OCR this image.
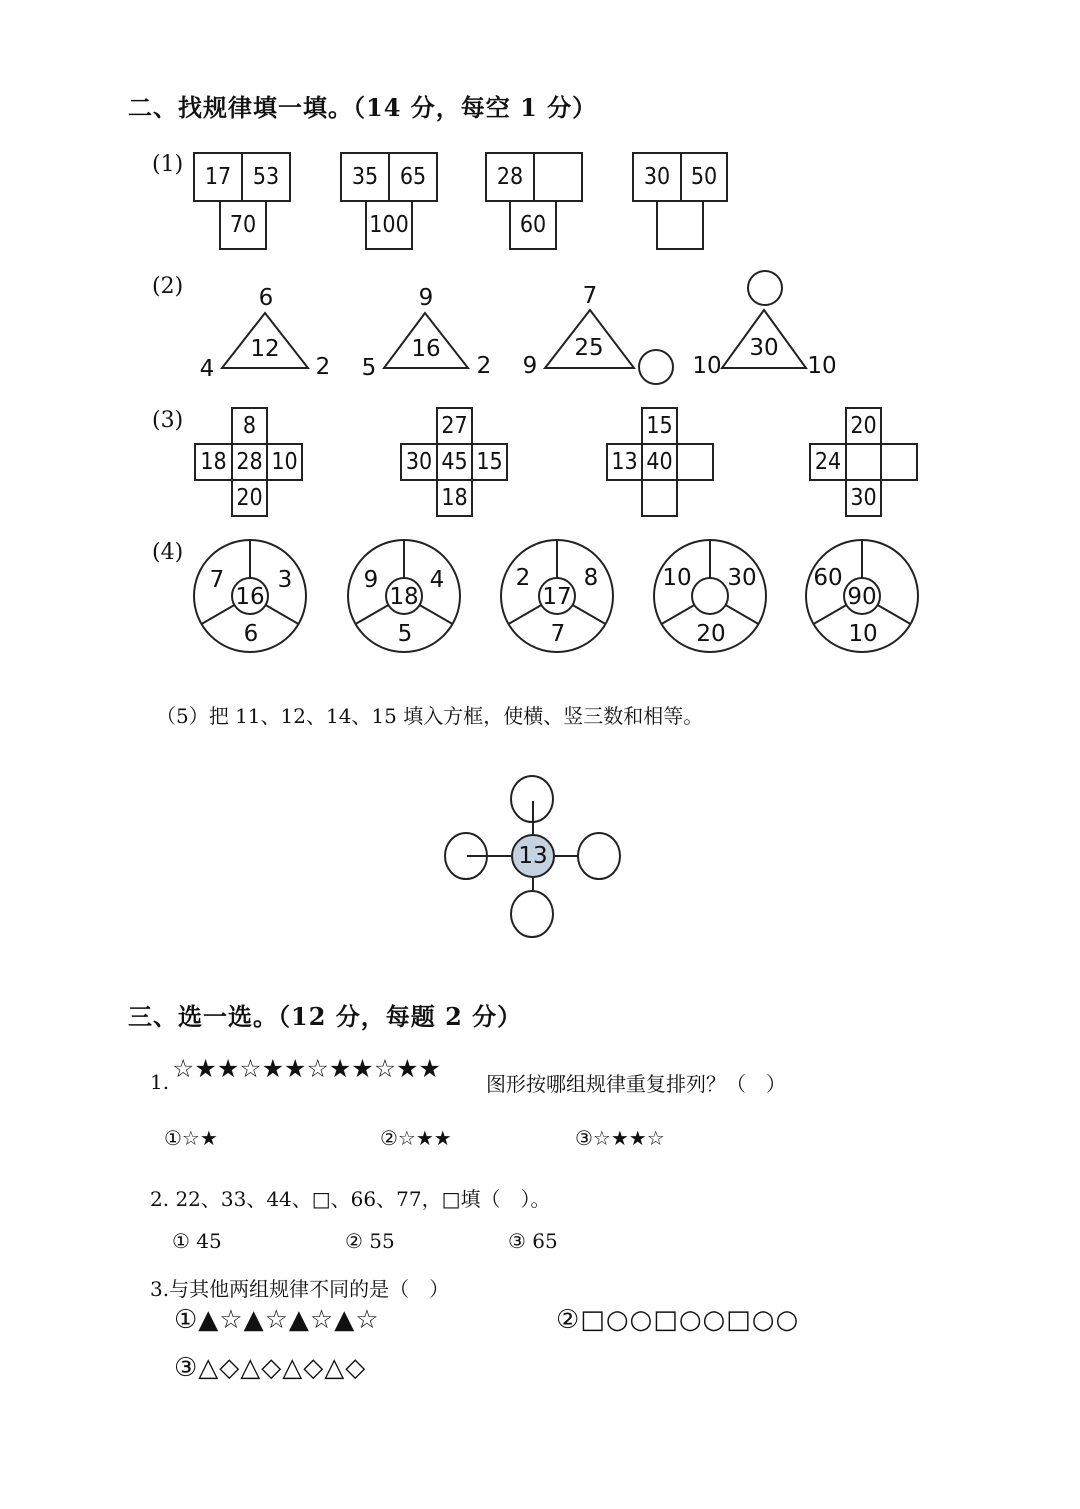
二、找规律填一填。（14 分，每空 1 分）
(1) 17 53
70
35 65
100
28
60
30 50
(2)	6
4	2
12
9
5	2
16
7
9
25
10	10
30
(3)	8
18 28 10
20
27
30 45 15
18
15
13 40
20
24
30
(4)
7 3
6
16
9 4
5
18
2 8
7
17
10 30
20
60
10
90
（5）把 11、12、14、15 填入方框，使横、竖三数和相等。
13
三、选一选。（12 分，每题 2 分）
1. ☆★★☆★★☆★★☆★★
图形按哪组规律重复排列？（　）
①☆★	②☆★★	③☆★★☆
2. 22、33、44、□、66、77，□填（　）。
① 45	② 55	③ 65
3.与其他两组规律不同的是（　）
①▲☆▲☆▲☆▲☆	②□○○□○○□○○
③△◇△◇△◇△◇
